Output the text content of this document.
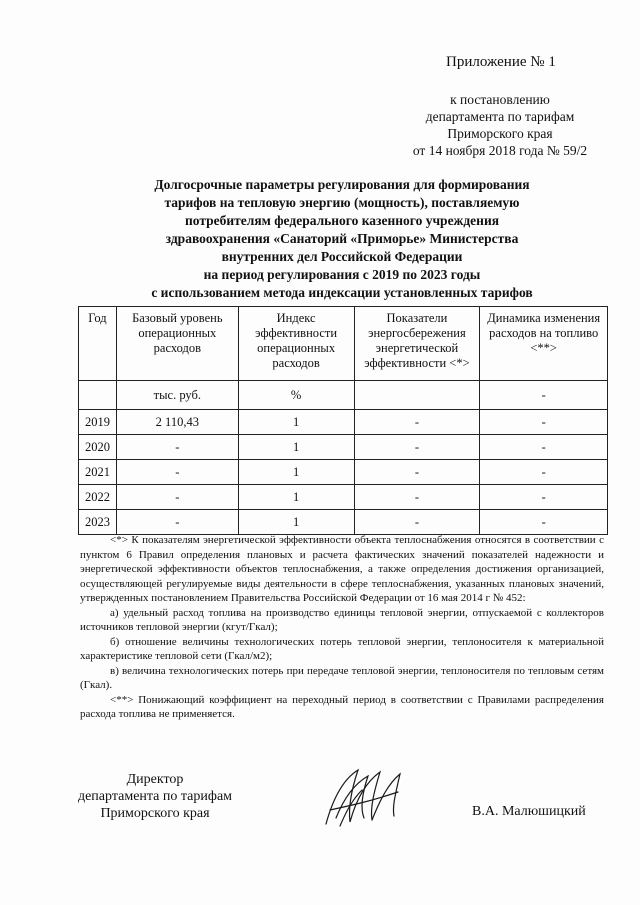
Приложение № 1
к постановлению
департамента по тарифам
Приморского края
от 14 ноября 2018 года № 59/2
Долгосрочные параметры регулирования для формирования
тарифов на тепловую энергию (мощность), поставляемую
потребителям федерального казенного учреждения
здравоохранения «Санаторий «Приморье» Министерства
внутренних дел Российской Федерации
на период регулирования с 2019 по 2023 годы
с использованием метода индексации установленных тарифов
Год	Базовый уровень операционных расходов	Индекс эффективности операционных расходов	Показатели энергосбережения энергетической эффективности <*>	Динамика изменения расходов на топливо <**>
	тыс. руб.	%		-
2019	2 110,43	1	-	-
2020	-	1	-	-
2021	-	1	-	-
2022	-	1	-	-
2023	-	1	-	-

<*> К показателям энергетической эффективности объекта теплоснабжения относятся в соответствии с пунктом 6 Правил определения плановых и расчета фактических значений показателей надежности и энергетической эффективности объектов теплоснабжения, а также определения достижения организацией, осуществляющей регулируемые виды деятельности в сфере теплоснабжения, указанных плановых значений, утвержденных постановлением Правительства Российской Федерации от 16 мая 2014 г № 452:

а) удельный расход топлива на производство единицы тепловой энергии, отпускаемой с коллекторов источников тепловой энергии (кгут/Гкал);

б) отношение величины технологических потерь тепловой энергии, теплоносителя к материальной характеристике тепловой сети (Гкал/м2);

в) величина технологических потерь при передаче тепловой энергии, теплоносителя по тепловым сетям (Гкал).

<**> Понижающий коэффициент на переходный период в соответствии с Правилами распределения расхода топлива не применяется.

Директор
департамента по тарифам
Приморского края	В.А. Малюшицкий
